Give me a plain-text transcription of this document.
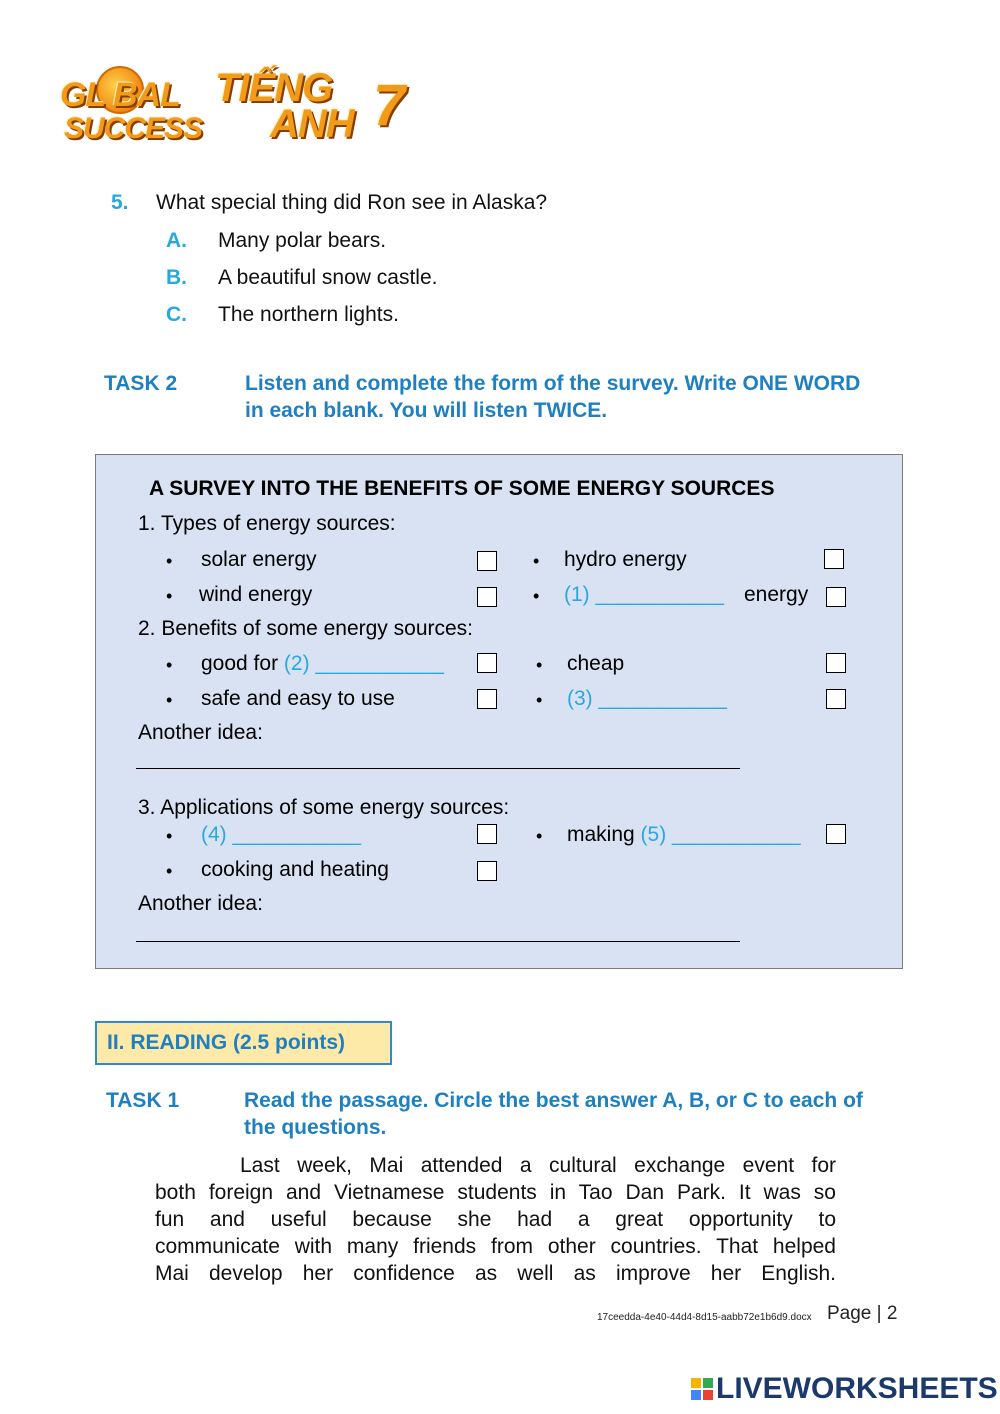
GL BAL
SUCCESS
TIẾNG
ANH 7
5. What special thing did Ron see in Alaska?
A. Many polar bears.
B. A beautiful snow castle.
C. The northern lights.
TASK 2	Listen and complete the form of the survey. Write ONE WORD in each blank. You will listen TWICE.
A SURVEY INTO THE BENEFITS OF SOME ENERGY SOURCES
1. Types of energy sources:
• solar energy	• hydro energy
• wind energy	• (1) ___________ energy
2. Benefits of some energy sources:
• good for (2) ___________	• cheap
• safe and easy to use	• (3) ___________
Another idea:
3. Applications of some energy sources:
• (4) ___________	• making (5) ___________
• cooking and heating
Another idea:
II. READING (2.5 points)
TASK 1	Read the passage. Circle the best answer A, B, or C to each of the questions.
Last week, Mai attended a cultural exchange event for
both foreign and Vietnamese students in Tao Dan Park. It was so
fun and useful because she had a great opportunity to
communicate with many friends from other countries. That helped
Mai develop her confidence as well as improve her English.
17ceedda-4e40-44d4-8d15-aabb72e1b6d9.docx Page | 2
LIVEWORKSHEETS
